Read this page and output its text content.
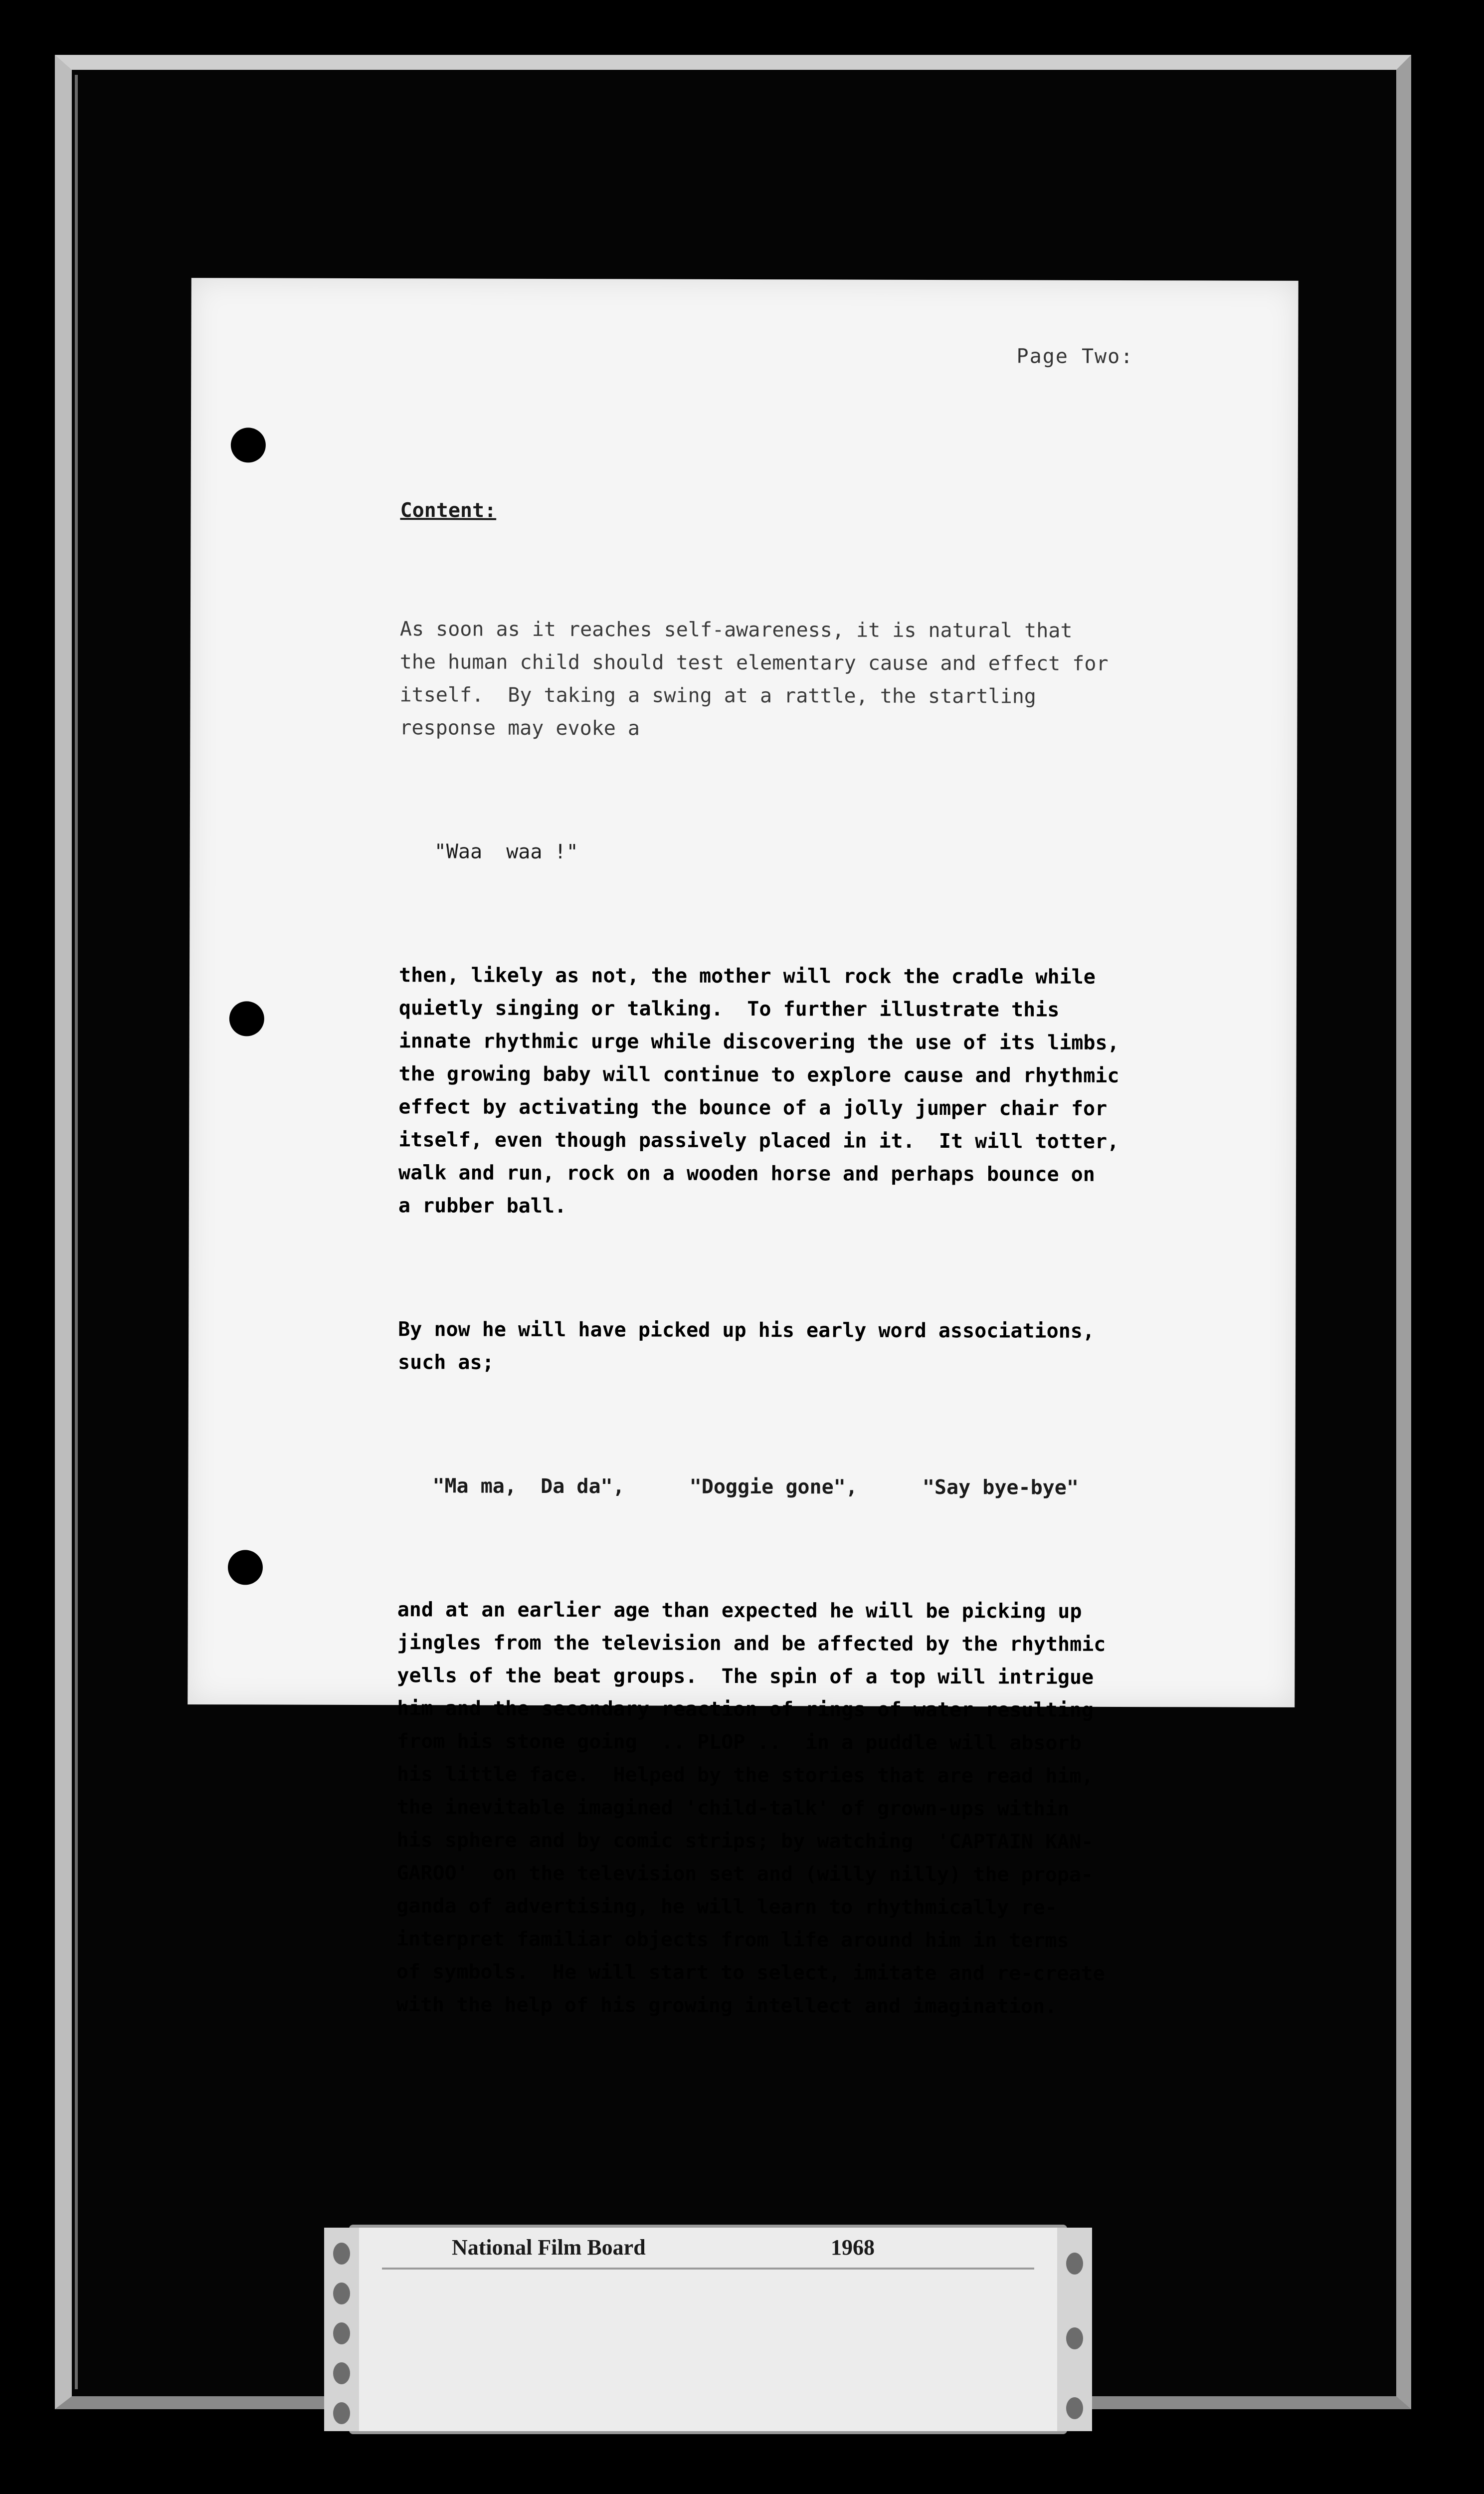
Page Two:

Content:

As soon as it reaches self-awareness, it is natural that
the human child should test elementary cause and effect for
itself.  By taking a swing at a rattle, the startling
response may evoke a

"Waa  waa !"

then, likely as not, the mother will rock the cradle while
quietly singing or talking.  To further illustrate this
innate rhythmic urge while discovering the use of its limbs,
the growing baby will continue to explore cause and rhythmic
effect by activating the bounce of a jolly jumper chair for
itself, even though passively placed in it.  It will totter,
walk and run, rock on a wooden horse and perhaps bounce on
a rubber ball.

By now he will have picked up his early word associations,
such as;

"Ma ma,  Da da",	"Doggie gone",	"Say bye-bye"

and at an earlier age than expected he will be picking up
jingles from the television and be affected by the rhythmic
yells of the beat groups.  The spin of a top will intrigue
him and the secondary reaction of rings of water resulting
from his stone going  .. PLOP ..  in a puddle will absorb
his little face.  Helped by the stories that are read him,
the inevitable imagined 'child-talk' of grown-ups within
his sphere and by comic strips; by watching  'CAPTAIN KAN-
GAROO'  on the television set and (willy nilly) the propa-
ganda of advertising, he will learn to rhythmically re-
interpret familiar objects from life around him in terms
of symbols.  He will start to select, imitate and re-create
with the help of his growing intellect and imagination.

National Film Board	1968
